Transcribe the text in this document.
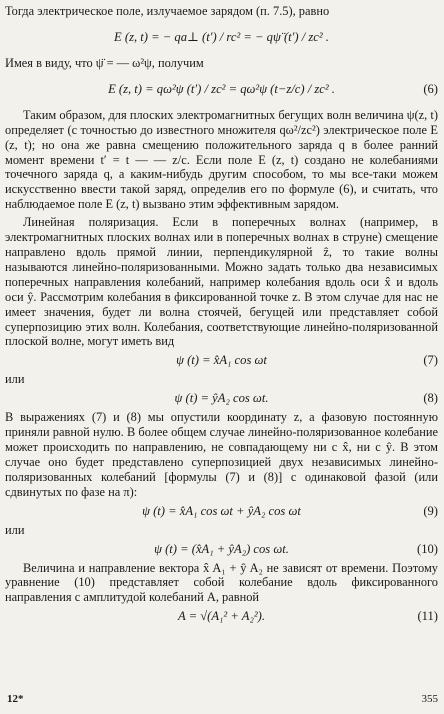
Тогда электрическое поле, излучаемое зарядом (п. 7.5), равно

E (z, t) = − qa⊥ (t′) / rc² = − qψ̈ (t′) / zc² .

Имея в виду, что ψ̈ = — ω²ψ, получим

E (z, t) = qω²ψ (t′) / zc² = qω²ψ (t−z/c) / zc² .	(6)

Таким образом, для плоских электромагнитных бегущих волн величина ψ(z, t) определяет (с точностью до известного множителя qω²/zc²) электрическое поле E (z, t); но она же равна смещению положительного заряда q в более ранний момент времени t′ = t — — z/c. Если поле E (z, t) создано не колебаниями точечного заряда q, а каким-нибудь другим способом, то мы все-таки можем искусственно ввести такой заряд, определив его по формуле (6), и считать, что наблюдаемое поле E (z, t) вызвано этим эффективным зарядом.

Линейная поляризация. Если в поперечных волнах (например, в электромагнитных плоских волнах или в поперечных волнах в струне) смещение направлено вдоль прямой линии, перпендикулярной ẑ, то такие волны называются линейно-поляризованными. Можно задать только два независимых поперечных направления колебаний, например колебания вдоль оси x̂ и вдоль оси ŷ. Рассмотрим колебания в фиксированной точке z. В этом случае для нас не имеет значения, будет ли волна стоячей, бегущей или представляет собой суперпозицию этих волн. Колебания, соответствующие линейно-поляризованной плоской волне, могут иметь вид

ψ (t) = x̂A₁ cos ωt	(7)

или

ψ (t) = ŷA₂ cos ωt.	(8)

В выражениях (7) и (8) мы опустили координату z, а фазовую постоянную приняли равной нулю. В более общем случае линейно-поляризованное колебание может происходить по направлению, не совпадающему ни с x̂, ни с ŷ. В этом случае оно будет представлено суперпозицией двух независимых линейно-поляризованных колебаний [формулы (7) и (8)] с одинаковой фазой (или сдвинутых по фазе на π):

ψ (t) = x̂A₁ cos ωt + ŷA₂ cos ωt	(9)

или

ψ (t) = (x̂A₁ + ŷA₂) cos ωt.	(10)

Величина и направление вектора x̂ A₁ + ŷ A₂ не зависят от времени. Поэтому уравнение (10) представляет собой колебание вдоль фиксированного направления с амплитудой колебаний A, равной

A = √(A₁² + A₂²).	(11)
12*	355
